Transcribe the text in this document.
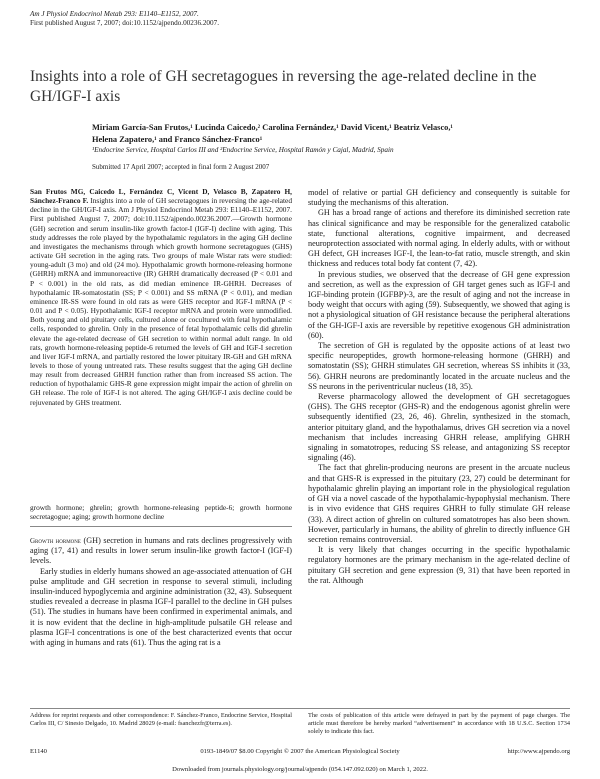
Am J Physiol Endocrinol Metab 293: E1140–E1152, 2007.
First published August 7, 2007; doi:10.1152/ajpendo.00236.2007.
Insights into a role of GH secretagogues in reversing the age-related decline in the GH/IGF-I axis
Miriam García-San Frutos,¹ Lucinda Caicedo,² Carolina Fernández,¹ David Vicent,¹ Beatriz Velasco,¹
Helena Zapatero,¹ and Franco Sánchez-Franco¹
¹Endocrine Service, Hospital Carlos III and ²Endocrine Service, Hospital Ramón y Cajal, Madrid, Spain
Submitted 17 April 2007; accepted in final form 2 August 2007
San Frutos MG, Caicedo L, Fernández C, Vicent D, Velasco B, Zapatero H, Sánchez-Franco F. Insights into a role of GH secretagogues in reversing the age-related decline in the GH/IGF-I axis. Am J Physiol Endocrinol Metab 293: E1140–E1152, 2007. First published August 7, 2007; doi:10.1152/ajpendo.00236.2007.—Growth hormone (GH) secretion and serum insulin-like growth factor-I (IGF-I) decline with aging. This study addresses the role played by the hypothalamic regulators in the aging GH decline and investigates the mechanisms through which growth hormone secretagogues (GHS) activate GH secretion in the aging rats. Two groups of male Wistar rats were studied: young-adult (3 mo) and old (24 mo). Hypothalamic growth hormone-releasing hormone (GHRH) mRNA and immunoreactive (IR) GHRH dramatically decreased (P < 0.01 and P < 0.001) in the old rats, as did median eminence IR-GHRH. Decreases of hypothalamic IR-somatostatin (SS; P < 0.001) and SS mRNA (P < 0.01), and median eminence IR-SS were found in old rats as were GHS receptor and IGF-I mRNA (P < 0.01 and P < 0.05). Hypothalamic IGF-I receptor mRNA and protein were unmodified. Both young and old pituitary cells, cultured alone or cocultured with fetal hypothalamic cells, responded to ghrelin. Only in the presence of fetal hypothalamic cells did ghrelin elevate the age-related decrease of GH secretion to within normal adult range. In old rats, growth hormone-releasing peptide-6 returned the levels of GH and IGF-I secretion and liver IGF-I mRNA, and partially restored the lower pituitary IR-GH and GH mRNA levels to those of young untreated rats. These results suggest that the aging GH decline may result from decreased GHRH function rather than from increased SS action. The reduction of hypothalamic GHS-R gene expression might impair the action of ghrelin on GH release. The role of IGF-I is not altered. The aging GH/IGF-I axis decline could be rejuvenated by GHS treatment.
growth hormone; ghrelin; growth hormone-releasing peptide-6; growth hormone secretagogue; aging; growth hormone decline

Growth hormone (GH) secretion in humans and rats declines progressively with aging (17, 41) and results in lower serum insulin-like growth factor-I (IGF-I) levels.

Early studies in elderly humans showed an age-associated attenuation of GH pulse amplitude and GH secretion in response to several stimuli, including insulin-induced hypoglycemia and arginine administration (32, 43). Subsequent studies revealed a decrease in plasma IGF-I parallel to the decline in GH pulses (51). The studies in humans have been confirmed in experimental animals, and it is now evident that the decline in high-amplitude pulsatile GH release and plasma IGF-I concentrations is one of the best characterized events that occur with aging in humans and rats (61). Thus the aging rat is a

model of relative or partial GH deficiency and consequently is suitable for studying the mechanisms of this alteration.

GH has a broad range of actions and therefore its diminished secretion rate has clinical significance and may be responsible for the generalized catabolic state, functional alterations, cognitive impairment, and decreased neuroprotection associated with normal aging. In elderly adults, with or without GH defect, GH increases IGF-I, the lean-to-fat ratio, muscle strength, and skin thickness and reduces total body fat content (7, 42).

In previous studies, we observed that the decrease of GH gene expression and secretion, as well as the expression of GH target genes such as IGF-I and IGF-binding protein (IGFBP)-3, are the result of aging and not the increase in body weight that occurs with aging (59). Subsequently, we showed that aging is not a physiological situation of GH resistance because the peripheral alterations of the GH-IGF-I axis are reversible by repetitive exogenous GH administration (60).

The secretion of GH is regulated by the opposite actions of at least two specific neuropeptides, growth hormone-releasing hormone (GHRH) and somatostatin (SS); GHRH stimulates GH secretion, whereas SS inhibits it (33, 56). GHRH neurons are predominantly located in the arcuate nucleus and the SS neurons in the periventricular nucleus (18, 35).

Reverse pharmacology allowed the development of GH secretagogues (GHS). The GHS receptor (GHS-R) and the endogenous agonist ghrelin were subsequently identified (23, 26, 46). Ghrelin, synthesized in the stomach, anterior pituitary gland, and the hypothalamus, drives GH secretion via a novel mechanism that includes increasing GHRH release, amplifying GHRH signaling in somatotropes, reducing SS release, and antagonizing SS receptor signaling (46).

The fact that ghrelin-producing neurons are present in the arcuate nucleus and that GHS-R is expressed in the pituitary (23, 27) could be determinant for hypothalamic ghrelin playing an important role in the physiological regulation of GH via a novel cascade of the hypothalamic-hypophysial mechanism. There is in vivo evidence that GHS requires GHRH to fully stimulate GH release (33). A direct action of ghrelin on cultured somatotropes has also been shown. However, particularly in humans, the ability of ghrelin to directly influence GH secretion remains controversial.

It is very likely that changes occurring in the specific hypothalamic regulatory hormones are the primary mechanism in the age-related decline of pituitary GH secretion and gene expression (9, 31) that have been reported in the rat. Although

Address for reprint requests and other correspondence: F. Sánchez-Franco, Endocrine Service, Hospital Carlos III, C/ Sinesio Delgado, 10. Madrid 28029 (e-mail: fsanchezfr@terra.es).
The costs of publication of this article were defrayed in part by the payment of page charges. The article must therefore be hereby marked “advertisement” in accordance with 18 U.S.C. Section 1734 solely to indicate this fact.
E1140	0193-1849/07 $8.00 Copyright © 2007 the American Physiological Society	http://www.ajpendo.org
Downloaded from journals.physiology.org/journal/ajpendo (054.147.092.020) on March 1, 2022.
